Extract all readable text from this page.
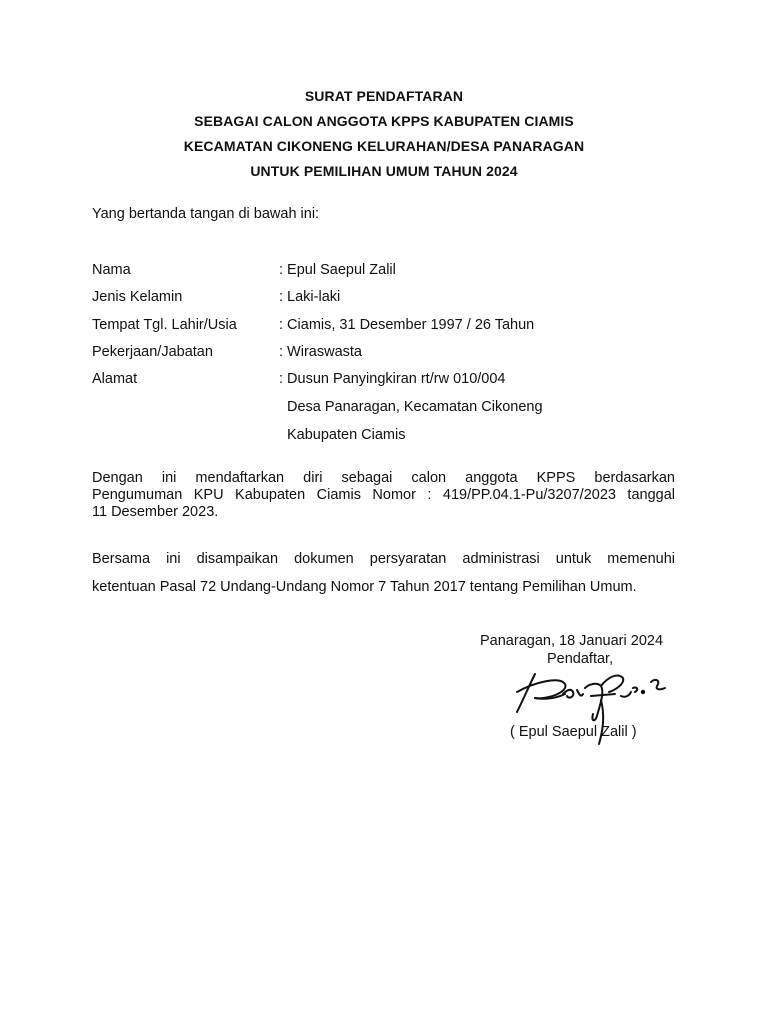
SURAT PENDAFTARAN
SEBAGAI CALON ANGGOTA KPPS KABUPATEN CIAMIS
KECAMATAN CIKONENG KELURAHAN/DESA PANARAGAN
UNTUK PEMILIHAN UMUM TAHUN 2024
Yang bertanda tangan di bawah ini:
Nama	: Epul Saepul Zalil
Jenis Kelamin	: Laki-laki
Tempat Tgl. Lahir/Usia	: Ciamis, 31 Desember 1997 / 26 Tahun
Pekerjaan/Jabatan	: Wiraswasta
Alamat	: Dusun Panyingkiran rt/rw 010/004
Desa Panaragan, Kecamatan Cikoneng
Kabupaten Ciamis
Dengan ini mendaftarkan diri sebagai calon anggota KPPS berdasarkan
Pengumuman KPU Kabupaten Ciamis Nomor : 419/PP.04.1-Pu/3207/2023 tanggal
11 Desember 2023.
Bersama ini disampaikan dokumen persyaratan administrasi untuk memenuhi
ketentuan Pasal 72 Undang-Undang Nomor 7 Tahun 2017 tentang Pemilihan Umum.
Panaragan, 18 Januari 2024
Pendaftar,
( Epul Saepul Zalil )
